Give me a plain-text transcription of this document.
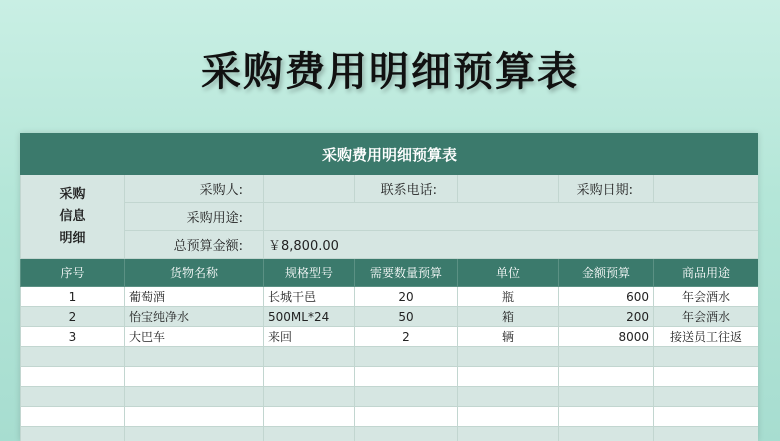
采购费用明细预算表
采购费用明细预算表						
采购
信息
明细	采购人:		联系电话:		采购日期:	
	采购用途:					
	总预算金额:	￥8,800.00				
序号	货物名称	规格型号	需要数量预算	单位	金额预算	商品用途
1	葡萄酒	长城干邑	20	瓶	600	年会酒水
2	怡宝纯净水	500ML*24	50	箱	200	年会酒水
3	大巴车	来回	2	辆	8000	接送员工往返
